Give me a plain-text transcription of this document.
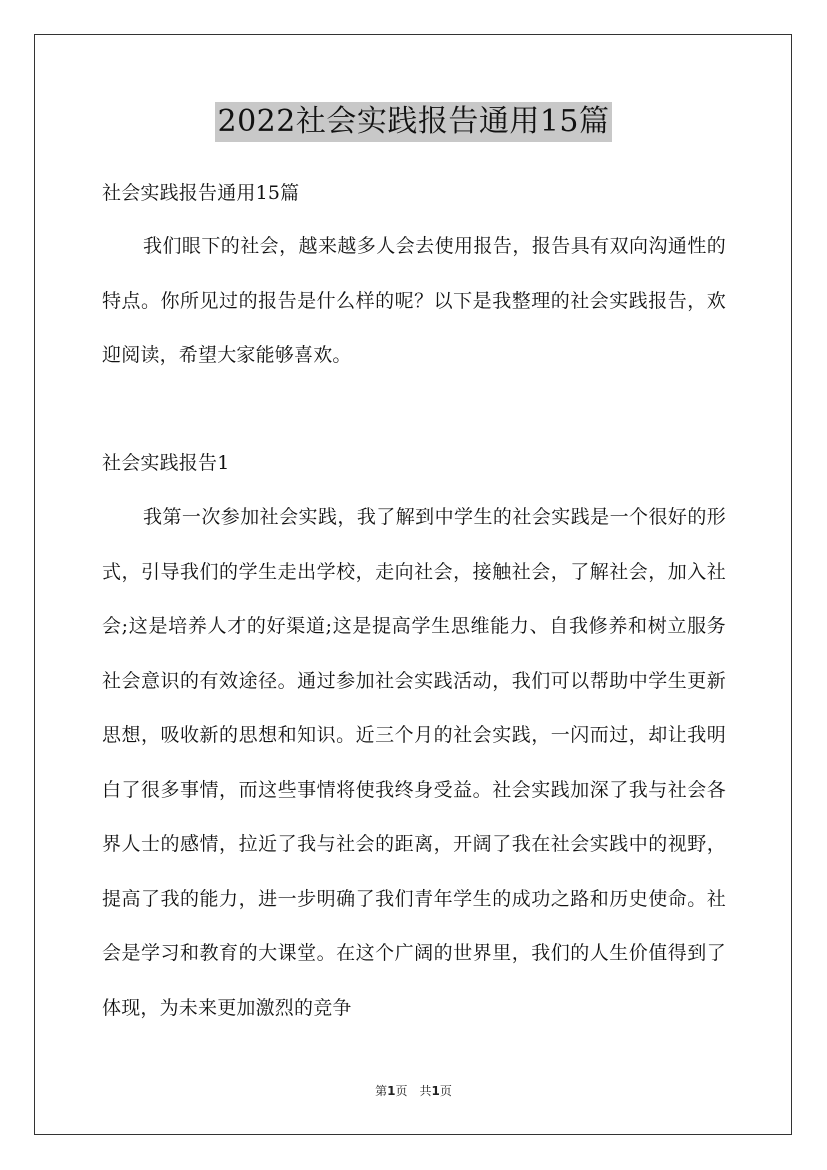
2022社会实践报告通用15篇

社会实践报告通用15篇

我们眼下的社会，越来越多人会去使用报告，报告具有双向沟通性的特点。你所见过的报告是什么样的呢？以下是我整理的社会实践报告，欢迎阅读，希望大家能够喜欢。

社会实践报告1

我第一次参加社会实践，我了解到中学生的社会实践是一个很好的形式，引导我们的学生走出学校，走向社会，接触社会，了解社会，加入社会;这是培养人才的好渠道;这是提高学生思维能力、自我修养和树立服务社会意识的有效途径。通过参加社会实践活动，我们可以帮助中学生更新思想，吸收新的思想和知识。近三个月的社会实践，一闪而过，却让我明白了很多事情，而这些事情将使我终身受益。社会实践加深了我与社会各界人士的感情，拉近了我与社会的距离，开阔了我在社会实践中的视野，提高了我的能力，进一步明确了我们青年学生的成功之路和历史使命。社会是学习和教育的大课堂。在这个广阔的世界里，我们的人生价值得到了体现，为未来更加激烈的竞争

第1页 共1页
